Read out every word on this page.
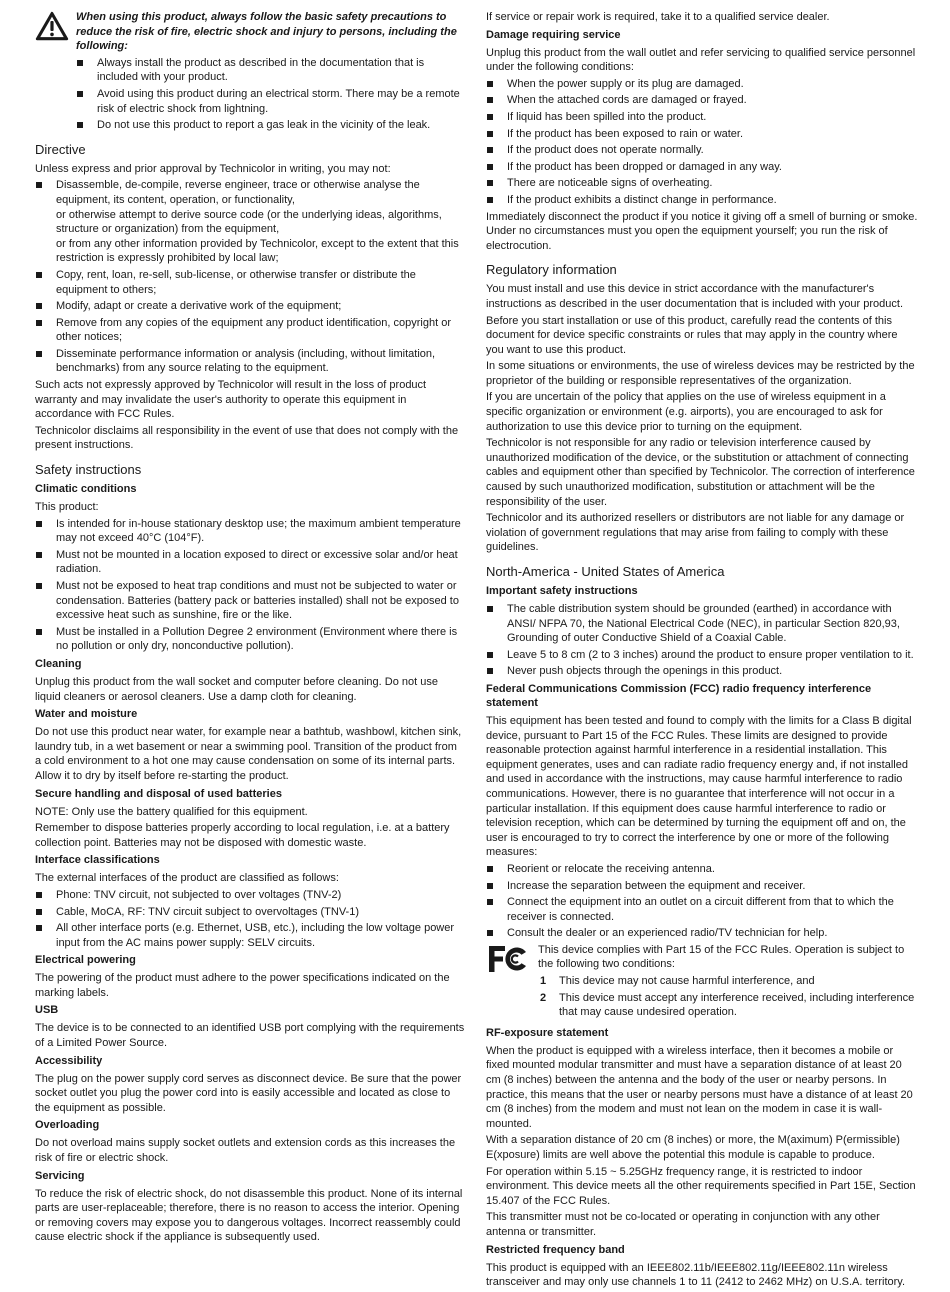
When using this product, always follow the basic safety precautions to reduce the risk of fire, electric shock and injury to persons, including the following:

Always install the product as described in the documentation that is included with your product.
Avoid using this product during an electrical storm. There may be a remote risk of electric shock from lightning.
Do not use this product to report a gas leak in the vicinity of the leak.
Directive

Unless express and prior approval by Technicolor in writing, you may not:

Disassemble, de-compile, reverse engineer, trace or otherwise analyse the equipment, its content, operation, or functionality,
or otherwise attempt to derive source code (or the underlying ideas, algorithms, structure or organization) from the equipment,
or from any other information provided by Technicolor, except to the extent that this restriction is expressly prohibited by local law;
Copy, rent, loan, re-sell, sub-license, or otherwise transfer or distribute the equipment to others;
Modify, adapt or create a derivative work of the equipment;
Remove from any copies of the equipment any product identification, copyright or other notices;
Disseminate performance information or analysis (including, without limitation, benchmarks) from any source relating to the equipment.

Such acts not expressly approved by Technicolor will result in the loss of product warranty and may invalidate the user's authority to operate this equipment in accordance with FCC Rules.

Technicolor disclaims all responsibility in the event of use that does not comply with the present instructions.

Safety instructions
Climatic conditions

This product:

Is intended for in-house stationary desktop use; the maximum ambient temperature may not exceed 40°C (104°F).
Must not be mounted in a location exposed to direct or excessive solar and/or heat radiation.
Must not be exposed to heat trap conditions and must not be subjected to water or condensation. Batteries (battery pack or batteries installed) shall not be exposed to excessive heat such as sunshine, fire or the like.
Must be installed in a Pollution Degree 2 environment (Environment where there is no pollution or only dry, nonconductive pollution).
Cleaning

Unplug this product from the wall socket and computer before cleaning. Do not use liquid cleaners or aerosol cleaners. Use a damp cloth for cleaning.

Water and moisture

Do not use this product near water, for example near a bathtub, washbowl, kitchen sink, laundry tub, in a wet basement or near a swimming pool. Transition of the product from a cold environment to a hot one may cause condensation on some of its internal parts. Allow it to dry by itself before re-starting the product.

Secure handling and disposal of used batteries

NOTE: Only use the battery qualified for this equipment.

Remember to dispose batteries properly according to local regulation, i.e. at a battery collection point. Batteries may not be disposed with domestic waste.

Interface classifications

The external interfaces of the product are classified as follows:

Phone: TNV circuit, not subjected to over voltages (TNV-2)
Cable, MoCA, RF: TNV circuit subject to overvoltages (TNV-1)
All other interface ports (e.g. Ethernet, USB, etc.), including the low voltage power input from the AC mains power supply: SELV circuits.
Electrical powering

The powering of the product must adhere to the power specifications indicated on the marking labels.

USB

The device is to be connected to an identified USB port complying with the requirements of a Limited Power Source.

Accessibility

The plug on the power supply cord serves as disconnect device. Be sure that the power socket outlet you plug the power cord into is easily accessible and located as close to the equipment as possible.

Overloading

Do not overload mains supply socket outlets and extension cords as this increases the risk of fire or electric shock.

Servicing

To reduce the risk of electric shock, do not disassemble this product. None of its internal parts are user-replaceable; therefore, there is no reason to access the interior. Opening or removing covers may expose you to dangerous voltages. Incorrect reassembly could cause electric shock if the appliance is subsequently used.

If service or repair work is required, take it to a qualified service dealer.

Damage requiring service

Unplug this product from the wall outlet and refer servicing to qualified service personnel under the following conditions:

When the power supply or its plug are damaged.
When the attached cords are damaged or frayed.
If liquid has been spilled into the product.
If the product has been exposed to rain or water.
If the product does not operate normally.
If the product has been dropped or damaged in any way.
There are noticeable signs of overheating.
If the product exhibits a distinct change in performance.

Immediately disconnect the product if you notice it giving off a smell of burning or smoke. Under no circumstances must you open the equipment yourself; you run the risk of electrocution.

Regulatory information

You must install and use this device in strict accordance with the manufacturer's instructions as described in the user documentation that is included with your product.

Before you start installation or use of this product, carefully read the contents of this document for device specific constraints or rules that may apply in the country where you want to use this product.

In some situations or environments, the use of wireless devices may be restricted by the proprietor of the building or responsible representatives of the organization.

If you are uncertain of the policy that applies on the use of wireless equipment in a specific organization or environment (e.g. airports), you are encouraged to ask for authorization to use this device prior to turning on the equipment.

Technicolor is not responsible for any radio or television interference caused by unauthorized modification of the device, or the substitution or attachment of connecting cables and equipment other than specified by Technicolor. The correction of interference caused by such unauthorized modification, substitution or attachment will be the responsibility of the user.

Technicolor and its authorized resellers or distributors are not liable for any damage or violation of government regulations that may arise from failing to comply with these guidelines.

North-America - United States of America
Important safety instructions
The cable distribution system should be grounded (earthed) in accordance with ANSI/ NFPA 70, the National Electrical Code (NEC), in particular Section 820,93, Grounding of outer Conductive Shield of a Coaxial Cable.
Leave 5 to 8 cm (2 to 3 inches) around the product to ensure proper ventilation to it.
Never push objects through the openings in this product.
Federal Communications Commission (FCC) radio frequency interference statement

This equipment has been tested and found to comply with the limits for a Class B digital device, pursuant to Part 15 of the FCC Rules. These limits are designed to provide reasonable protection against harmful interference in a residential installation. This equipment generates, uses and can radiate radio frequency energy and, if not installed and used in accordance with the instructions, may cause harmful interference to radio communications. However, there is no guarantee that interference will not occur in a particular installation. If this equipment does cause harmful interference to radio or television reception, which can be determined by turning the equipment off and on, the user is encouraged to try to correct the interference by one or more of the following measures:

Reorient or relocate the receiving antenna.
Increase the separation between the equipment and receiver.
Connect the equipment into an outlet on a circuit different from that to which the receiver is connected.
Consult the dealer or an experienced radio/TV technician for help.
FC

This device complies with Part 15 of the FCC Rules. Operation is subject to the following two conditions:

1 This device may not cause harmful interference, and
2 This device must accept any interference received, including interference that may cause undesired operation.
RF-exposure statement

When the product is equipped with a wireless interface, then it becomes a mobile or fixed mounted modular transmitter and must have a separation distance of at least 20 cm (8 inches) between the antenna and the body of the user or nearby persons. In practice, this means that the user or nearby persons must have a distance of at least 20 cm (8 inches) from the modem and must not lean on the modem in case it is wall-mounted.

With a separation distance of 20 cm (8 inches) or more, the M(aximum) P(ermissible) E(xposure) limits are well above the potential this module is capable to produce.

For operation within 5.15 ~ 5.25GHz frequency range, it is restricted to indoor environment. This device meets all the other requirements specified in Part 15E, Section 15.407 of the FCC Rules.

This transmitter must not be co-located or operating in conjunction with any other antenna or transmitter.

Restricted frequency band

This product is equipped with an IEEE802.11b/IEEE802.11g/IEEE802.11n wireless transceiver and may only use channels 1 to 11 (2412 to 2462 MHz) on U.S.A. territory.
